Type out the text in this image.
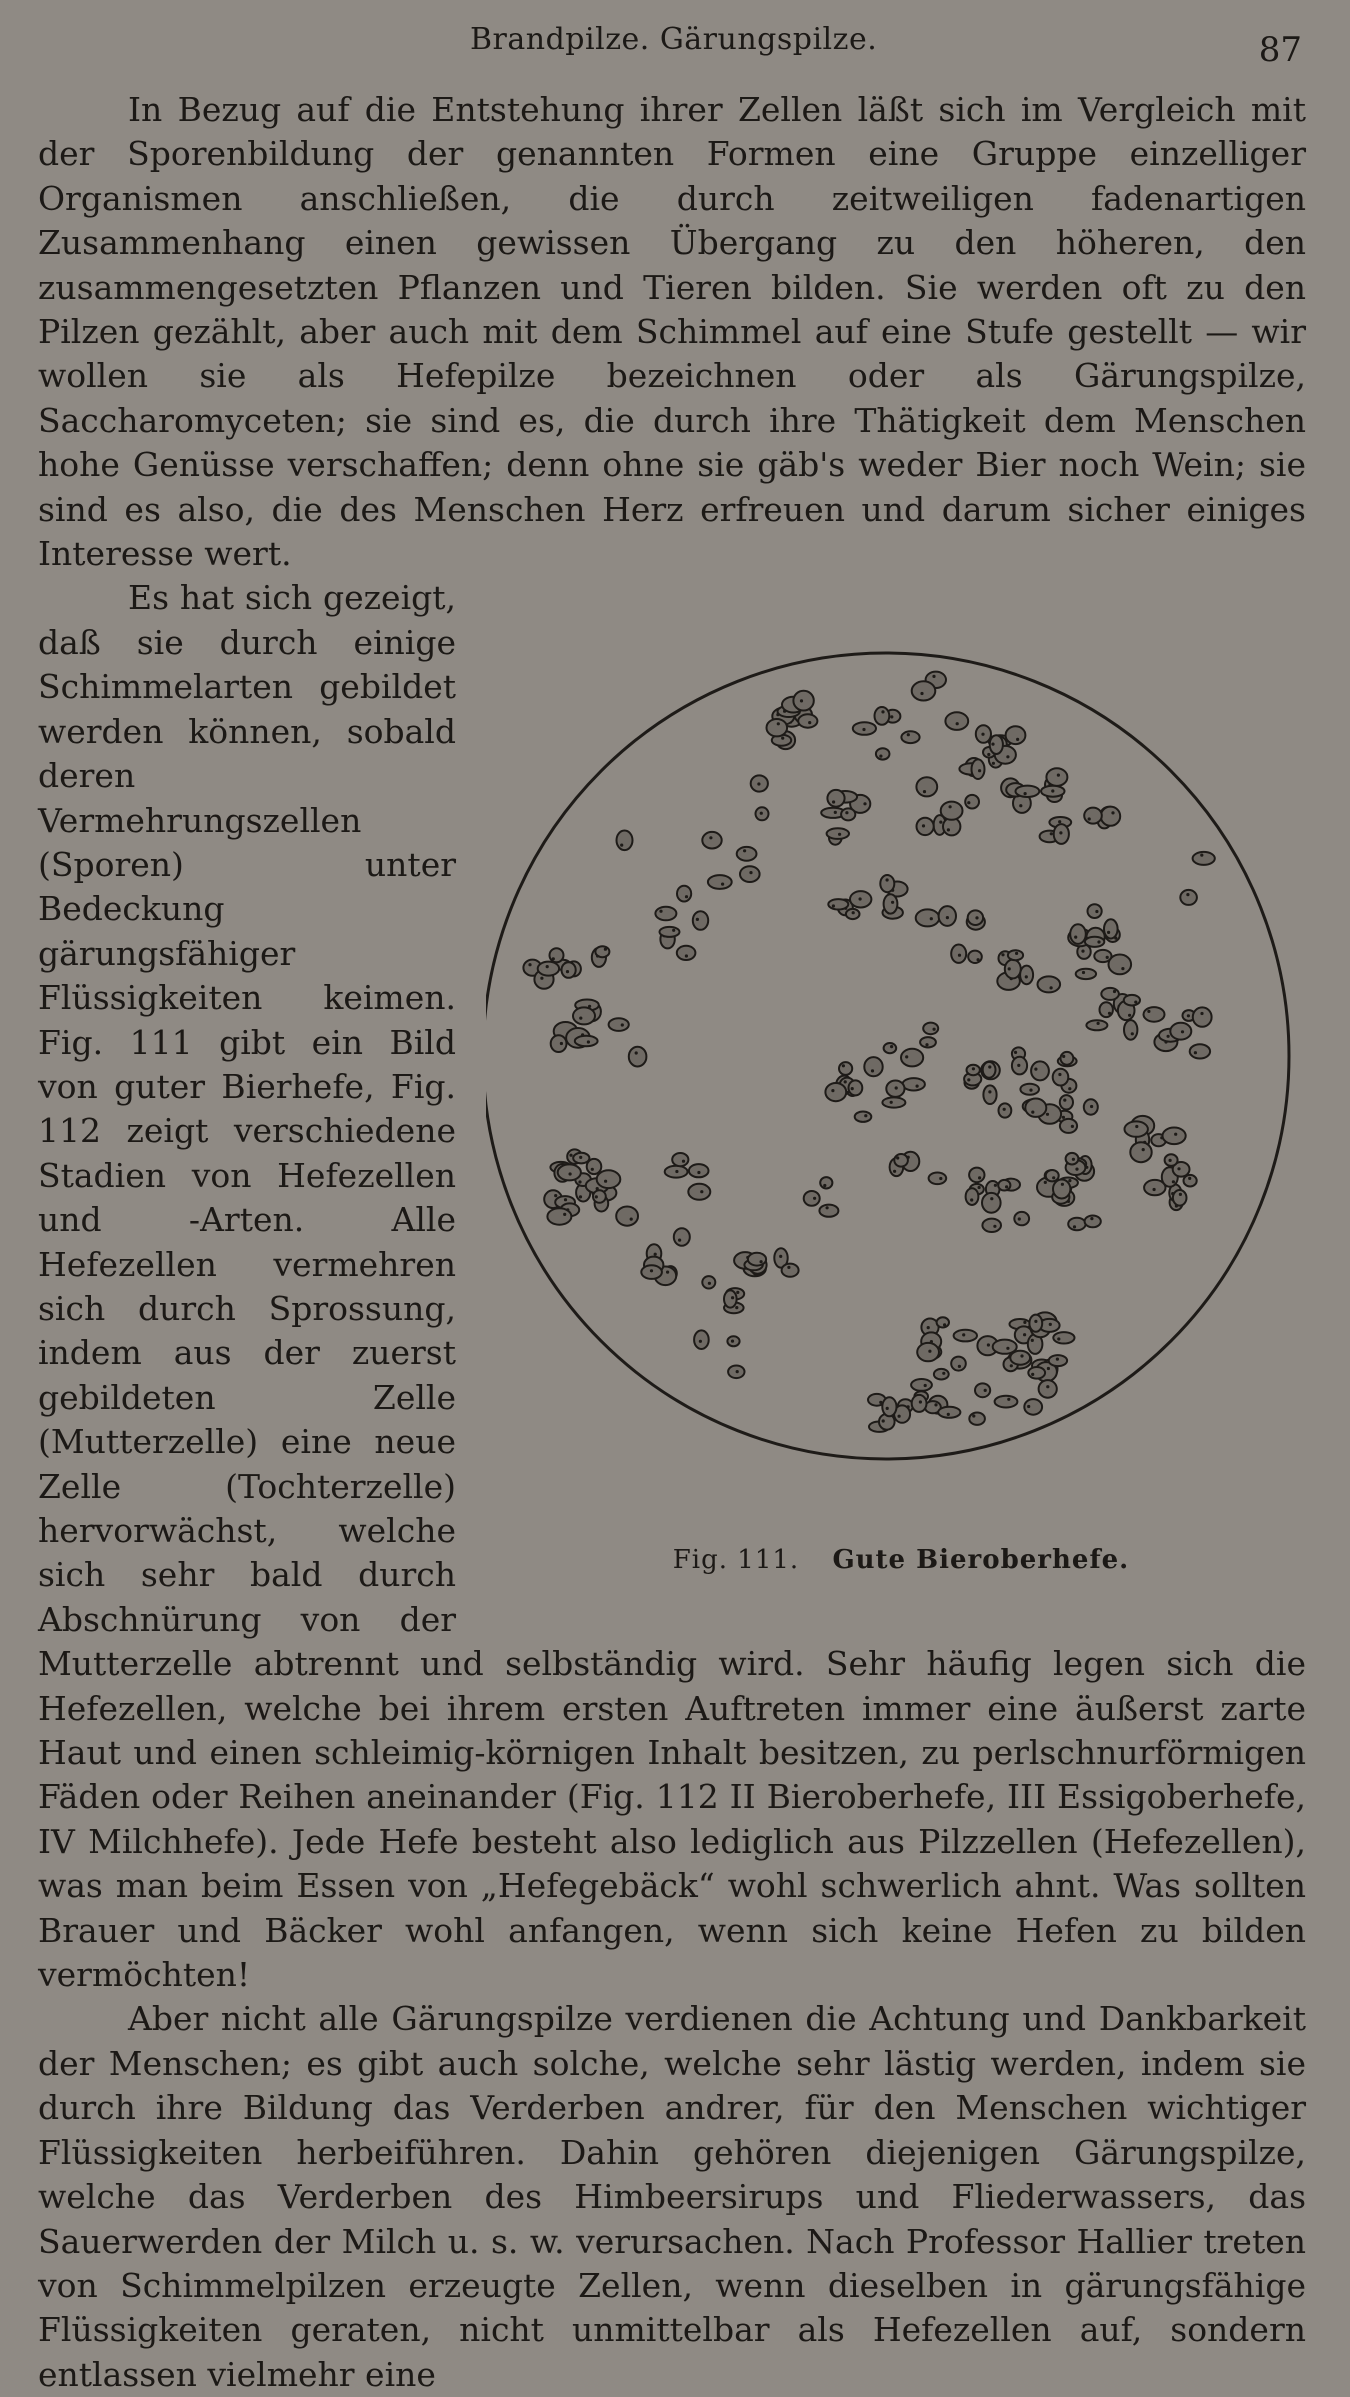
Brandpilze. Gärungspilze.	87

In Bezug auf die Entstehung ihrer Zellen läßt sich im Vergleich mit der Sporenbildung der genannten Formen eine Gruppe einzelliger Organismen anschließen, die durch zeitweiligen fadenartigen Zusammenhang einen gewissen Übergang zu den höheren, den zusammengesetzten Pflanzen und Tieren bilden. Sie werden oft zu den Pilzen gezählt, aber auch mit dem Schimmel auf eine Stufe gestellt — wir wollen sie als Hefepilze bezeichnen oder als Gärungspilze, Saccharomyceten; sie sind es, die durch ihre Thätigkeit dem Menschen hohe Genüsse verschaffen; denn ohne sie gäb's weder Bier noch Wein; sie sind es also, die des Menschen Herz erfreuen und darum sicher einiges Interesse wert.

Fig. 111. Gute Bieroberhefe.

Es hat sich gezeigt, daß sie durch einige Schimmelarten gebildet werden können, sobald deren Vermehrungszellen (Sporen) unter Bedeckung gärungsfähiger Flüssigkeiten keimen. Fig. 111 gibt ein Bild von guter Bierhefe, Fig. 112 zeigt verschiedene Stadien von Hefezellen und -Arten. Alle Hefezellen vermehren sich durch Sprossung, indem aus der zuerst gebildeten Zelle (Mutterzelle) eine neue Zelle (Tochterzelle) hervorwächst, welche sich sehr bald durch Abschnürung von der Mutterzelle abtrennt und selbständig wird. Sehr häufig legen sich die Hefezellen, welche bei ihrem ersten Auftreten immer eine äußerst zarte Haut und einen schleimig-körnigen Inhalt besitzen, zu perlschnurförmigen Fäden oder Reihen aneinander (Fig. 112 II Bieroberhefe, III Essigoberhefe, IV Milchhefe). Jede Hefe besteht also lediglich aus Pilzzellen (Hefezellen), was man beim Essen von „Hefegebäck“ wohl schwerlich ahnt. Was sollten Brauer und Bäcker wohl anfangen, wenn sich keine Hefen zu bilden vermöchten!

Aber nicht alle Gärungspilze verdienen die Achtung und Dankbarkeit der Menschen; es gibt auch solche, welche sehr lästig werden, indem sie durch ihre Bildung das Verderben andrer, für den Menschen wichtiger Flüssigkeiten herbeiführen. Dahin gehören diejenigen Gärungspilze, welche das Verderben des Himbeersirups und Fliederwassers, das Sauerwerden der Milch u. s. w. verursachen. Nach Professor Hallier treten von Schimmelpilzen erzeugte Zellen, wenn dieselben in gärungsfähige Flüssigkeiten geraten, nicht unmittelbar als Hefezellen auf, sondern entlassen vielmehr eine
